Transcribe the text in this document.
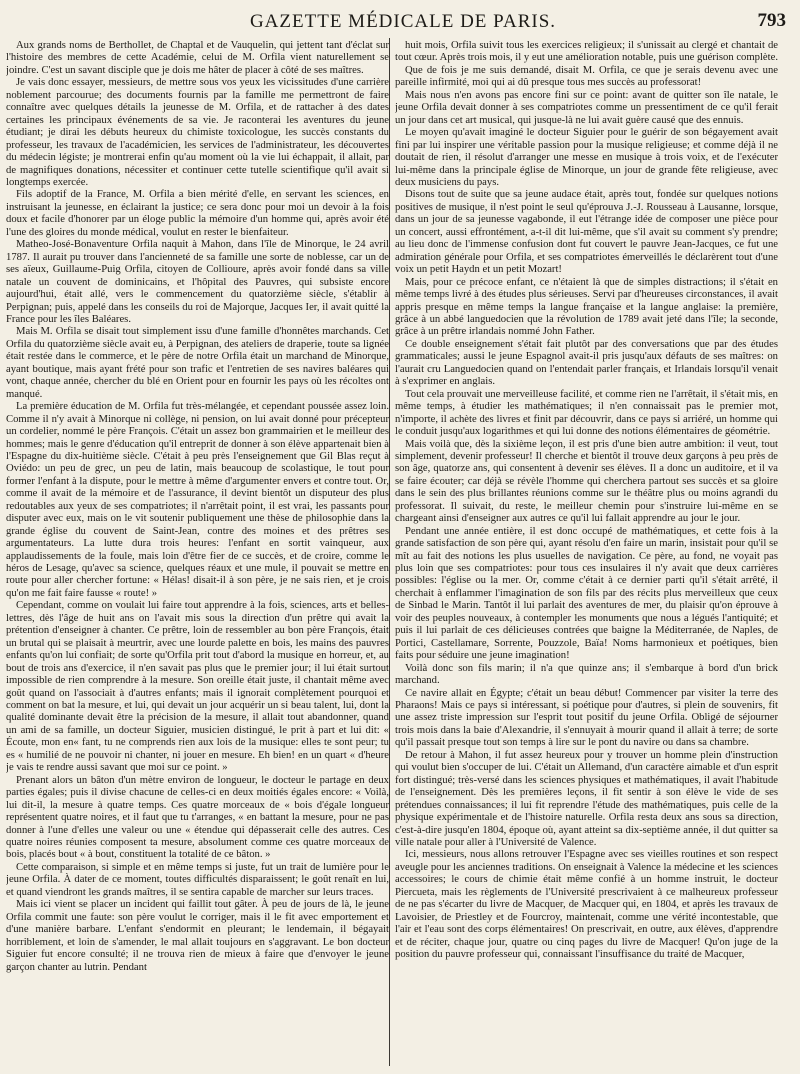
GAZETTE MÉDICALE DE PARIS.	793

Aux grands noms de Berthollet, de Chaptal et de Vauquelin, qui jettent tant d'éclat sur l'histoire des membres de cette Académie, celui de M. Orfila vient naturellement se joindre. C'est un savant disciple que je dois me hâter de placer à côté de ses maîtres.

Je vais donc essayer, messieurs, de mettre sous vos yeux les vicissitudes d'une carrière noblement parcourue; des documents fournis par la famille me permettront de faire connaître avec quelques détails la jeunesse de M. Orfila, et de rattacher à des dates certaines les principaux événements de sa vie. Je raconterai les aventures du jeune étudiant; je dirai les débuts heureux du chimiste toxicologue, les succès constants du professeur, les travaux de l'académicien, les services de l'administrateur, les découvertes du médecin légiste; je montrerai enfin qu'au moment où la vie lui échappait, il allait, par de magnifiques donations, nécessiter et continuer cette tutelle scientifique qu'il avait si longtemps exercée.

Fils adoptif de la France, M. Orfila a bien mérité d'elle, en servant les sciences, en instruisant la jeunesse, en éclairant la justice; ce sera donc pour moi un devoir à la fois doux et facile d'honorer par un éloge public la mémoire d'un homme qui, après avoir été l'une des gloires du monde médical, voulut en rester le bienfaiteur.

Matheo-José-Bonaventure Orfila naquit à Mahon, dans l'île de Minorque, le 24 avril 1787. Il aurait pu trouver dans l'ancienneté de sa famille une sorte de noblesse, car un de ses aïeux, Guillaume-Puig Orfila, citoyen de Collioure, après avoir fondé dans sa ville natale un couvent de dominicains, et l'hôpital des Pauvres, qui subsiste encore aujourd'hui, était allé, vers le commencement du quatorzième siècle, s'établir à Perpignan; puis, appelé dans les conseils du roi de Majorque, Jacques Ier, il avait quitté la France pour les îles Baléares.

Mais M. Orfila se disait tout simplement issu d'une famille d'honnêtes marchands. Cet Orfila du quatorzième siècle avait eu, à Perpignan, des ateliers de draperie, toute sa lignée était restée dans le commerce, et le père de notre Orfila était un marchand de Minorque, ayant boutique, mais ayant frété pour son trafic et l'entretien de ses navires baléares qui vont, chaque année, chercher du blé en Orient pour en fournir les pays où les récoltes ont manqué.

La première éducation de M. Orfila fut très-mélangée, et cependant poussée assez loin. Comme il n'y avait à Minorque ni collège, ni pension, on lui avait donné pour précepteur un cordelier, nommé le père François. C'était un assez bon grammairien et le meilleur des hommes; mais le genre d'éducation qu'il entreprit de donner à son élève appartenait bien à l'Espagne du dix-huitième siècle. C'était à peu près l'enseignement que Gil Blas reçut à Oviédo: un peu de grec, un peu de latin, mais beaucoup de scolastique, le tout pour former l'enfant à la dispute, pour le mettre à même d'argumenter envers et contre tout. Or, comme il avait de la mémoire et de l'assurance, il devint bientôt un disputeur des plus redoutables aux yeux de ses compatriotes; il n'arrêtait point, il est vrai, les passants pour disputer avec eux, mais on le vit soutenir publiquement une thèse de philosophie dans la grande église du couvent de Saint-Jean, contre des moines et des prêtres ses argumentateurs. La lutte dura trois heures: l'enfant en sortit vainqueur, aux applaudissements de la foule, mais loin d'être fier de ce succès, et de croire, comme le héros de Lesage, qu'avec sa science, quelques réaux et une mule, il pouvait se mettre en route pour aller chercher fortune: « Hélas! disait-il à son père, je ne sais rien, et je crois qu'on me fait faire fausse « route! »

Cependant, comme on voulait lui faire tout apprendre à la fois, sciences, arts et belles-lettres, dès l'âge de huit ans on l'avait mis sous la direction d'un prêtre qui avait la prétention d'enseigner à chanter. Ce prêtre, loin de ressembler au bon père François, était un brutal qui se plaisait à meurtrir, avec une lourde palette en bois, les mains des pauvres enfants qu'on lui confiait; de sorte qu'Orfila prit tout d'abord la musique en horreur, et, au bout de trois ans d'exercice, il n'en savait pas plus que le premier jour; il lui était surtout impossible de rien comprendre à la mesure. Son oreille était juste, il chantait même avec goût quand on l'associait à d'autres enfants; mais il ignorait complètement pourquoi et comment on bat la mesure, et lui, qui devait un jour acquérir un si beau talent, lui, dont la qualité dominante devait être la précision de la mesure, il allait tout abandonner, quand un ami de sa famille, un docteur Siguier, musicien distingué, le prit à part et lui dit: « Écoute, mon en« fant, tu ne comprends rien aux lois de la musique: elles te sont peur; tu es « humilié de ne pouvoir ni chanter, ni jouer en mesure. Eh bien! en un quart « d'heure je vais te rendre aussi savant que moi sur ce point. »

Prenant alors un bâton d'un mètre environ de longueur, le docteur le partage en deux parties égales; puis il divise chacune de celles-ci en deux moitiés égales encore: « Voilà, lui dit-il, la mesure à quatre temps. Ces quatre morceaux de « bois d'égale longueur représentent quatre noires, et il faut que tu t'arranges, « en battant la mesure, pour ne pas donner à l'une d'elles une valeur ou une « étendue qui dépasserait celle des autres. Ces quatre noires réunies composent ta mesure, absolument comme ces quatre morceaux de bois, placés bout « à bout, constituent la totalité de ce bâton. »

Cette comparaison, si simple et en même temps si juste, fut un trait de lumière pour le jeune Orfila. À dater de ce moment, toutes difficultés disparaissent; le goût renaît en lui, et quand viendront les grands maîtres, il se sentira capable de marcher sur leurs traces.

Mais ici vient se placer un incident qui faillit tout gâter. À peu de jours de là, le jeune Orfila commit une faute: son père voulut le corriger, mais il le fit avec emportement et d'une manière barbare. L'enfant s'endormit en pleurant; le lendemain, il bégayait horriblement, et loin de s'amender, le mal allait toujours en s'aggravant. Le bon docteur Siguier fut encore consulté; il ne trouva rien de mieux à faire que d'envoyer le jeune garçon chanter au lutrin. Pendant

huit mois, Orfila suivit tous les exercices religieux; il s'unissait au clergé et chantait de tout cœur. Après trois mois, il y eut une amélioration notable, puis une guérison complète.

Que de fois je me suis demandé, disait M. Orfila, ce que je serais devenu avec une pareille infirmité, moi qui ai dû presque tous mes succès au professorat!

Mais nous n'en avons pas encore fini sur ce point: avant de quitter son île natale, le jeune Orfila devait donner à ses compatriotes comme un pressentiment de ce qu'il ferait un jour dans cet art musical, qui jusque-là ne lui avait guère causé que des ennuis.

Le moyen qu'avait imaginé le docteur Siguier pour le guérir de son bégayement avait fini par lui inspirer une véritable passion pour la musique religieuse; et comme déjà il ne doutait de rien, il résolut d'arranger une messe en musique à trois voix, et de l'exécuter lui-même dans la principale église de Minorque, un jour de grande fête religieuse, avec deux musiciens du pays.

Disons tout de suite que sa jeune audace était, après tout, fondée sur quelques notions positives de musique, il n'est point le seul qu'éprouva J.-J. Rousseau à Lausanne, lorsque, dans un jour de sa jeunesse vagabonde, il eut l'étrange idée de composer une pièce pour un concert, aussi effrontément, a-t-il dit lui-même, que s'il avait su comment s'y prendre; au lieu donc de l'immense confusion dont fut couvert le pauvre Jean-Jacques, ce fut une admiration générale pour Orfila, et ses compatriotes émerveillés le déclarèrent tout d'une voix un petit Haydn et un petit Mozart!

Mais, pour ce précoce enfant, ce n'étaient là que de simples distractions; il s'était en même temps livré à des études plus sérieuses. Servi par d'heureuses circonstances, il avait appris presque en même temps la langue française et la langue anglaise: la première, grâce à un abbé languedocien que la révolution de 1789 avait jeté dans l'île; la seconde, grâce à un prêtre irlandais nommé John Father.

Ce double enseignement s'était fait plutôt par des conversations que par des études grammaticales; aussi le jeune Espagnol avait-il pris jusqu'aux défauts de ses maîtres: on l'aurait cru Languedocien quand on l'entendait parler français, et Irlandais lorsqu'il venait à s'exprimer en anglais.

Tout cela prouvait une merveilleuse facilité, et comme rien ne l'arrêtait, il s'était mis, en même temps, à étudier les mathématiques; il n'en connaissait pas le premier mot, n'importe, il achète des livres et finit par découvrir, dans ce pays si arriéré, un homme qui le conduit jusqu'aux logarithmes et qui lui donne des notions élémentaires de géométrie.

Mais voilà que, dès la sixième leçon, il est pris d'une bien autre ambition: il veut, tout simplement, devenir professeur! Il cherche et bientôt il trouve deux garçons à peu près de son âge, quatorze ans, qui consentent à devenir ses élèves. Il a donc un auditoire, et il va se faire écouter; car déjà se révèle l'homme qui cherchera partout ses succès et sa gloire dans le sein des plus brillantes réunions comme sur le théâtre plus ou moins agrandi du professorat. Il suivait, du reste, le meilleur chemin pour s'instruire lui-même en se chargeant ainsi d'enseigner aux autres ce qu'il lui fallait apprendre au jour le jour.

Pendant une année entière, il est donc occupé de mathématiques, et cette fois à la grande satisfaction de son père qui, ayant résolu d'en faire un marin, insistait pour qu'il se mît au fait des notions les plus usuelles de navigation. Ce père, au fond, ne voyait pas plus loin que ses compatriotes: pour tous ces insulaires il n'y avait que deux carrières possibles: l'église ou la mer. Or, comme c'était à ce dernier parti qu'il s'était arrêté, il cherchait à enflammer l'imagination de son fils par des récits plus merveilleux que ceux de Sinbad le Marin. Tantôt il lui parlait des aventures de mer, du plaisir qu'on éprouve à voir des peuples nouveaux, à contempler les monuments que nous a légués l'antiquité; et puis il lui parlait de ces délicieuses contrées que baigne la Méditerranée, de Naples, de Portici, Castellamare, Sorrente, Pouzzole, Baïa! Noms harmonieux et poétiques, bien faits pour séduire une jeune imagination!

Voilà donc son fils marin; il n'a que quinze ans; il s'embarque à bord d'un brick marchand.

Ce navire allait en Égypte; c'était un beau début! Commencer par visiter la terre des Pharaons! Mais ce pays si intéressant, si poétique pour d'autres, si plein de souvenirs, fit une assez triste impression sur l'esprit tout positif du jeune Orfila. Obligé de séjourner trois mois dans la baie d'Alexandrie, il s'ennuyait à mourir quand il allait à terre; de sorte qu'il passait presque tout son temps à lire sur le pont du navire ou dans sa chambre.

De retour à Mahon, il fut assez heureux pour y trouver un homme plein d'instruction qui voulut bien s'occuper de lui. C'était un Allemand, d'un caractère aimable et d'un esprit fort distingué; très-versé dans les sciences physiques et mathématiques, il avait l'habitude de l'enseignement. Dès les premières leçons, il fit sentir à son élève le vide de ses prétendues connaissances; il lui fit reprendre l'étude des mathématiques, puis celle de la physique expérimentale et de l'histoire naturelle. Orfila resta deux ans sous sa direction, c'est-à-dire jusqu'en 1804, époque où, ayant atteint sa dix-septième année, il dut quitter sa ville natale pour aller à l'Université de Valence.

Ici, messieurs, nous allons retrouver l'Espagne avec ses vieilles routines et son respect aveugle pour les anciennes traditions. On enseignait à Valence la médecine et les sciences accessoires; le cours de chimie était même confié à un homme instruit, le docteur Piercueta, mais les règlements de l'Université prescrivaient à ce malheureux professeur de ne pas s'écarter du livre de Macquer, de Macquer qui, en 1804, et après les travaux de Lavoisier, de Priestley et de Fourcroy, maintenait, comme une vérité incontestable, que l'air et l'eau sont des corps élémentaires! On prescrivait, en outre, aux élèves, d'apprendre et de réciter, chaque jour, quatre ou cinq pages du livre de Macquer! Qu'on juge de la position du pauvre professeur qui, connaissant l'insuffisance du traité de Macquer,
